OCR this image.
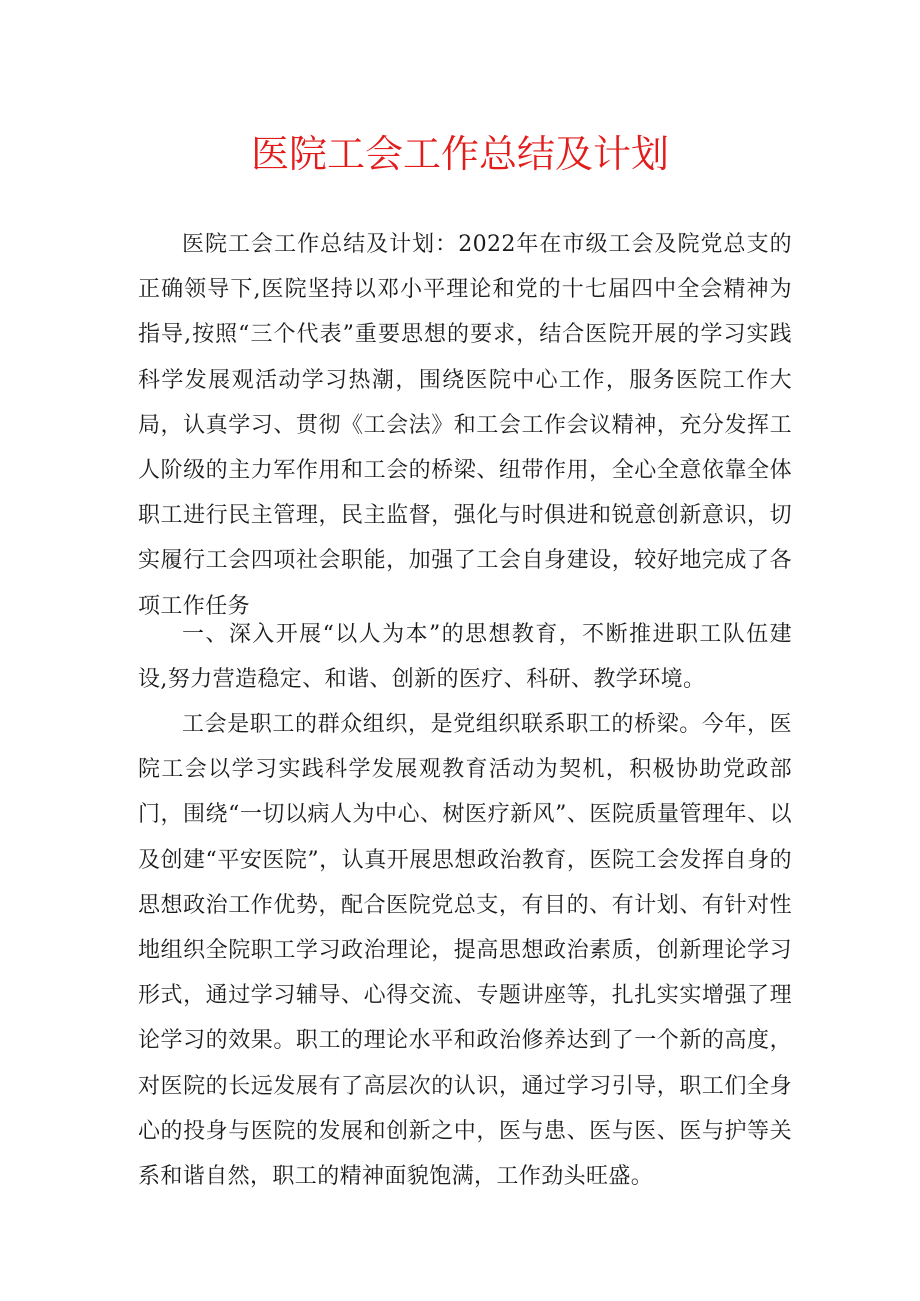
医院工会工作总结及计划

医院工会工作总结及计划：2022年在市级工会及院党总支的正确领导下,医院坚持以邓小平理论和党的十七届四中全会精神为指导,按照“三个代表”重要思想的要求，结合医院开展的学习实践科学发展观活动学习热潮，围绕医院中心工作，服务医院工作大局，认真学习、贯彻《工会法》和工会工作会议精神，充分发挥工人阶级的主力军作用和工会的桥梁、纽带作用，全心全意依靠全体职工进行民主管理，民主监督，强化与时俱进和锐意创新意识，切实履行工会四项社会职能，加强了工会自身建设，较好地完成了各项工作任务

一、深入开展“以人为本”的思想教育，不断推进职工队伍建设,努力营造稳定、和谐、创新的医疗、科研、教学环境。

工会是职工的群众组织，是党组织联系职工的桥梁。今年，医院工会以学习实践科学发展观教育活动为契机，积极协助党政部门，围绕“一切以病人为中心、树医疗新风”、医院质量管理年、以及创建“平安医院”，认真开展思想政治教育，医院工会发挥自身的思想政治工作优势，配合医院党总支，有目的、有计划、有针对性地组织全院职工学习政治理论，提高思想政治素质，创新理论学习形式，通过学习辅导、心得交流、专题讲座等，扎扎实实增强了理论学习的效果。职工的理论水平和政治修养达到了一个新的高度，对医院的长远发展有了高层次的认识，通过学习引导，职工们全身心的投身与医院的发展和创新之中，医与患、医与医、医与护等关系和谐自然，职工的精神面貌饱满，工作劲头旺盛。
